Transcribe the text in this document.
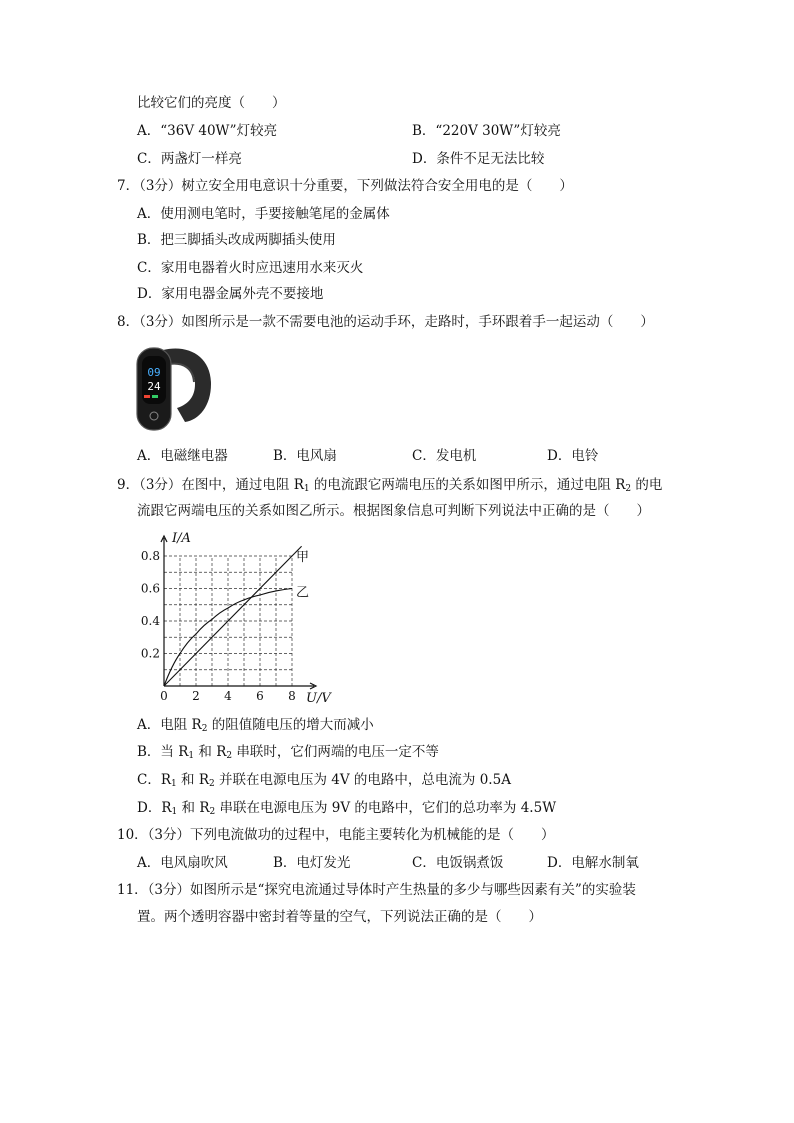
比较它们的亮度（　　）
A．“36V 40W”灯较亮	B．“220V 30W”灯较亮
C．两盏灯一样亮	D．条件不足无法比较
7．（3分）树立安全用电意识十分重要，下列做法符合安全用电的是（　　）
A．使用测电笔时，手要接触笔尾的金属体
B．把三脚插头改成两脚插头使用
C．家用电器着火时应迅速用水来灭火
D．家用电器金属外壳不要接地
8．（3分）如图所示是一款不需要电池的运动手环，走路时，手环跟着手一起运动（　　）
09
24
A．电磁继电器	B．电风扇	C．发电机	D．电铃
9．（3分）在图中，通过电阻 $R_1$ 的电流跟它两端电压的关系如图甲所示，通过电阻 $R_2$ 的电
流跟它两端电压的关系如图乙所示。根据图象信息可判断下列说法中正确的是（　　）
甲
乙
0.2
0.4
0.6
0.8
0 2 4 6 8
I/A
U/V
A．电阻 $R_2$ 的阻值随电压的增大而减小
B．当 $R_1$ 和 $R_2$ 串联时，它们两端的电压一定不等
C．$R_1$ 和 $R_2$ 并联在电源电压为 4V 的电路中，总电流为 0.5A
D．$R_1$ 和 $R_2$ 串联在电源电压为 9V 的电路中，它们的总功率为 4.5W
10．（3分）下列电流做功的过程中，电能主要转化为机械能的是（　　）
A．电风扇吹风	B．电灯发光	C．电饭锅煮饭	D．电解水制氧
11．（3分）如图所示是“探究电流通过导体时产生热量的多少与哪些因素有关”的实验装
置。两个透明容器中密封着等量的空气，下列说法正确的是（　　）
